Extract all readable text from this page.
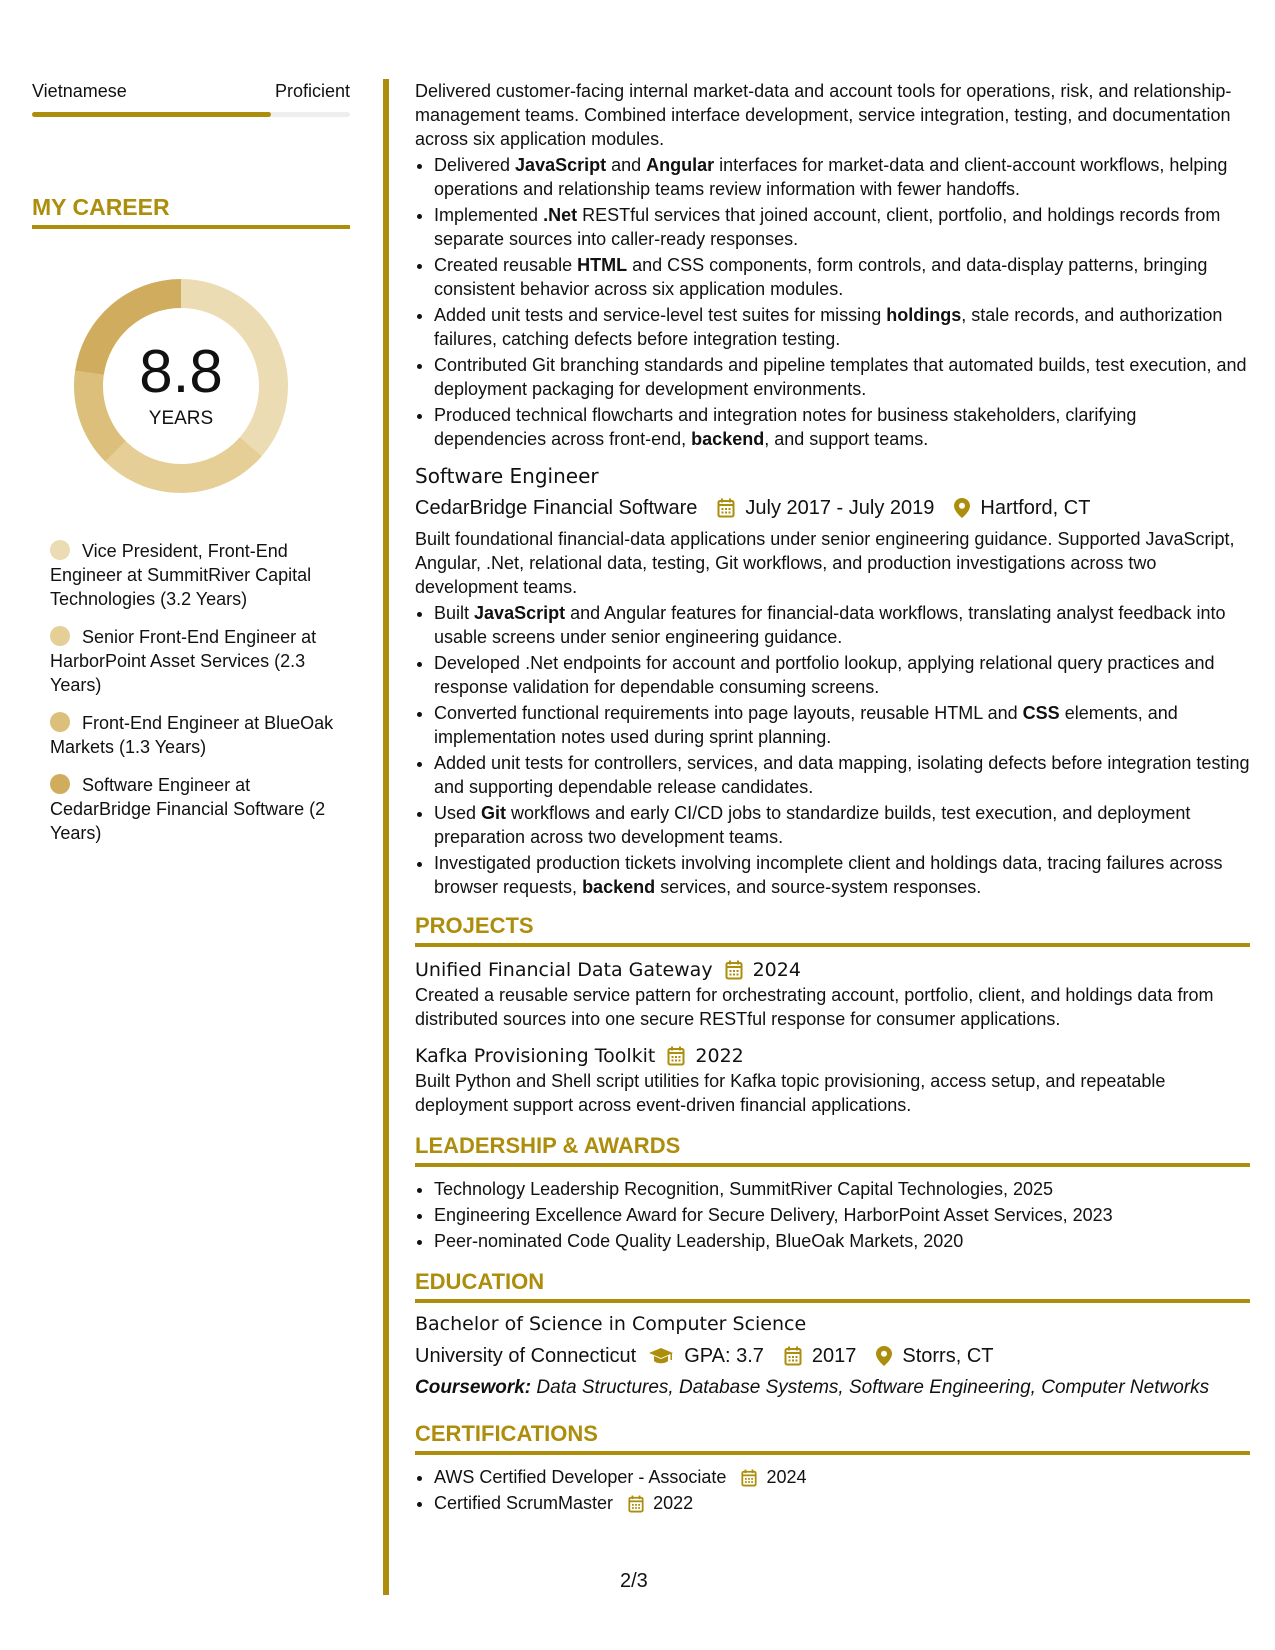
Vietnamese	Proficient
MY CAREER
8.8
YEARS
Vice President, Front-End Engineer at SummitRiver Capital Technologies (3.2 Years)
Senior Front-End Engineer at HarborPoint Asset Services (2.3 Years)
Front-End Engineer at BlueOak Markets (1.3 Years)
Software Engineer at CedarBridge Financial Software (2 Years)

Delivered customer-facing internal market-data and account tools for operations, risk, and relationship-management teams. Combined interface development, service integration, testing, and documentation across six application modules.

• Delivered JavaScript and Angular interfaces for market-data and client-account workflows, helping operations and relationship teams review information with fewer handoffs.
• Implemented .Net RESTful services that joined account, client, portfolio, and holdings records from separate sources into caller-ready responses.
• Created reusable HTML and CSS components, form controls, and data-display patterns, bringing consistent behavior across six application modules.
• Added unit tests and service-level test suites for missing holdings, stale records, and authorization failures, catching defects before integration testing.
• Contributed Git branching standards and pipeline templates that automated builds, test execution, and deployment packaging for development environments.
• Produced technical flowcharts and integration notes for business stakeholders, clarifying dependencies across front-end, backend, and support teams.
Software Engineer
CedarBridge Financial Software July 2017 - July 2019 Hartford, CT

Built foundational financial-data applications under senior engineering guidance. Supported JavaScript, Angular, .Net, relational data, testing, Git workflows, and production investigations across two development teams.

• Built JavaScript and Angular features for financial-data workflows, translating analyst feedback into usable screens under senior engineering guidance.
• Developed .Net endpoints for account and portfolio lookup, applying relational query practices and response validation for dependable consuming screens.
• Converted functional requirements into page layouts, reusable HTML and CSS elements, and implementation notes used during sprint planning.
• Added unit tests for controllers, services, and data mapping, isolating defects before integration testing and supporting dependable release candidates.
• Used Git workflows and early CI/CD jobs to standardize builds, test execution, and deployment preparation across two development teams.
• Investigated production tickets involving incomplete client and holdings data, tracing failures across browser requests, backend services, and source-system responses.
PROJECTS
Unified Financial Data Gateway 2024

Created a reusable service pattern for orchestrating account, portfolio, client, and holdings data from distributed sources into one secure RESTful response for consumer applications.

Kafka Provisioning Toolkit 2022

Built Python and Shell script utilities for Kafka topic provisioning, access setup, and repeatable deployment support across event-driven financial applications.

LEADERSHIP & AWARDS
• Technology Leadership Recognition, SummitRiver Capital Technologies, 2025
• Engineering Excellence Award for Secure Delivery, HarborPoint Asset Services, 2023
• Peer-nominated Code Quality Leadership, BlueOak Markets, 2020
EDUCATION
Bachelor of Science in Computer Science
University of Connecticut GPA: 3.7 2017 Storrs, CT
Coursework: Data Structures, Database Systems, Software Engineering, Computer Networks
CERTIFICATIONS
• AWS Certified Developer - Associate 2024
• Certified ScrumMaster 2022
2/3
